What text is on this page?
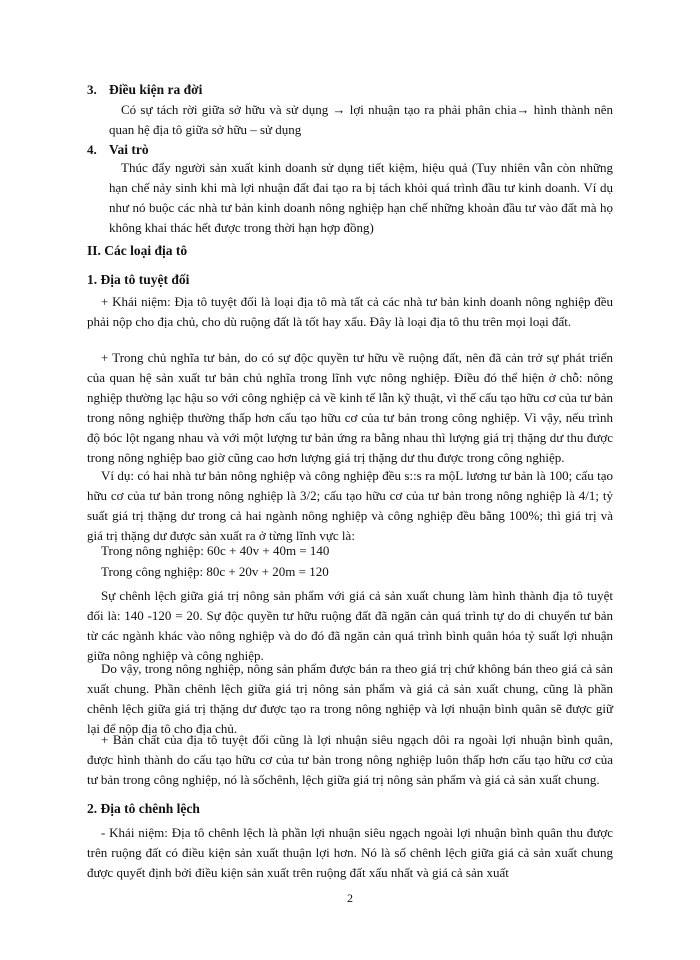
3. Điều kiện ra đời
Có sự tách rời giữa sở hữu và sử dụng → lợi nhuận tạo ra phải phân chia→ hình thành nên quan hệ địa tô giữa sở hữu – sử dụng
4. Vai trò
Thúc đẩy người sản xuất kinh doanh sử dụng tiết kiệm, hiệu quả (Tuy nhiên vẫn còn những hạn chế nảy sinh khi mà lợi nhuận đất đai tạo ra bị tách khỏi quá trình đầu tư kinh doanh. Ví dụ như nó buộc các nhà tư bản kinh doanh nông nghiệp hạn chế những khoản đầu tư vào đất mà họ không khai thác hết được trong thời hạn hợp đồng)
II. Các loại địa tô
1. Địa tô tuyệt đối
+ Khái niệm: Địa tô tuyệt đối là loại địa tô mà tất cả các nhà tư bản kinh doanh nông nghiệp đều phải nộp cho địa chủ, cho dù ruộng đất là tốt hay xấu. Đây là loại địa tô thu trên mọi loại đất.
+ Trong chủ nghĩa tư bản, do có sự độc quyền tư hữu về ruộng đất, nên đã cản trở sự phát triển của quan hệ sản xuất tư bản chủ nghĩa trong lĩnh vực nông nghiệp. Điều đó thể hiện ở chỗ: nông nghiệp thường lạc hậu so với công nghiệp cả về kinh tế lẫn kỹ thuật, vì thế cấu tạo hữu cơ của tư bản trong nông nghiệp thường thấp hơn cấu tạo hữu cơ của tư bản trong công nghiệp. Vì vậy, nếu trình độ bóc lột ngang nhau và với một lượng tư bản ứng ra bằng nhau thì lượng giá trị thặng dư thu được trong nông nghiệp bao giờ cũng cao hơn lượng giá trị thặng dư thu được trong công nghiệp.
Ví dụ: có hai nhà tư bản nông nghiệp và công nghiệp đều s::s ra mộL lương tư bản là 100; cấu tạo hữu cơ của tư bản trong nông nghiệp là 3/2; cấu tạo hữu cơ của tư bản trong nông nghiệp là 4/1; tỷ suất giá trị thặng dư trong cả hai ngành nông nghiệp và công nghiệp đều bằng 100%; thì giá trị và giá trị thặng dư được sản xuất ra ở từng lĩnh vực là:
Trong nông nghiệp: 60c + 40v + 40m = 140
Trong công nghiệp: 80c + 20v + 20m = 120
Sự chênh lệch giữa giá trị nông sản phẩm với giá cả sản xuất chung làm hình thành địa tô tuyệt đối là: 140 -120 = 20. Sự độc quyền tư hữu ruộng đất đã ngăn cản quá trình tự do di chuyển tư bản từ các ngành khác vào nông nghiệp và do đó đã ngăn cản quá trình bình quân hóa tỷ suất lợi nhuận giữa nông nghiệp và công nghiệp.
Do vậy, trong nông nghiệp, nông sản phẩm được bán ra theo giá trị chứ không bán theo giá cả sản xuất chung. Phần chênh lệch giữa giá trị nông sản phẩm và giá cả sản xuất chung, cũng là phần chênh lệch giữa giá trị thặng dư được tạo ra trong nông nghiệp và lợi nhuận bình quân sẽ được giữ lại để nộp địa tô cho địa chủ.
+ Bản chất của địa tô tuyệt đối cũng là lợi nhuận siêu ngạch dôi ra ngoài lợi nhuận bình quân, được hình thành do cấu tạo hữu cơ của tư bản trong nông nghiệp luôn thấp hơn cấu tạo hữu cơ của tư bản trong công nghiệp, nó là sốchênh, lệch giữa giá trị nông sản phẩm và giá cả sản xuất chung.
2. Địa tô chênh lệch
- Khái niệm: Địa tô chênh lệch là phần lợi nhuận siêu ngạch ngoài lợi nhuận bình quân thu được trên ruộng đất có điều kiện sản xuất thuận lợi hơn. Nó là số chênh lệch giữa giá cả sản xuất chung được quyết định bởi điều kiện sản xuất trên ruộng đất xấu nhất và giá cả sản xuất
2
